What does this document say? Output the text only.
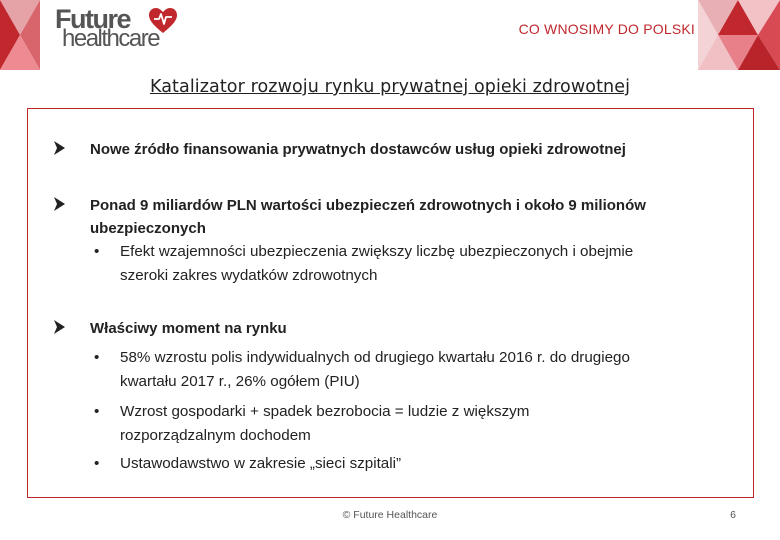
Future
healthcare	CO WNOSIMY DO POLSKI
Katalizator rozwoju rynku prywatnej opieki zdrowotnej
Nowe źródło finansowania prywatnych dostawców usług opieki zdrowotnej
Ponad 9 miliardów PLN wartości ubezpieczeń zdrowotnych i około 9 milionów
ubezpieczonych
• Efekt wzajemności ubezpieczenia zwiększy liczbę ubezpieczonych i obejmie
szeroki zakres wydatków zdrowotnych
Właściwy moment na rynku
• 58% wzrostu polis indywidualnych od drugiego kwartału 2016 r. do drugiego
kwartału 2017 r., 26% ogółem (PIU)
• Wzrost gospodarki + spadek bezrobocia = ludzie z większym
rozporządzalnym dochodem
• Ustawodawstwo w zakresie „sieci szpitali”
© Future Healthcare	6
